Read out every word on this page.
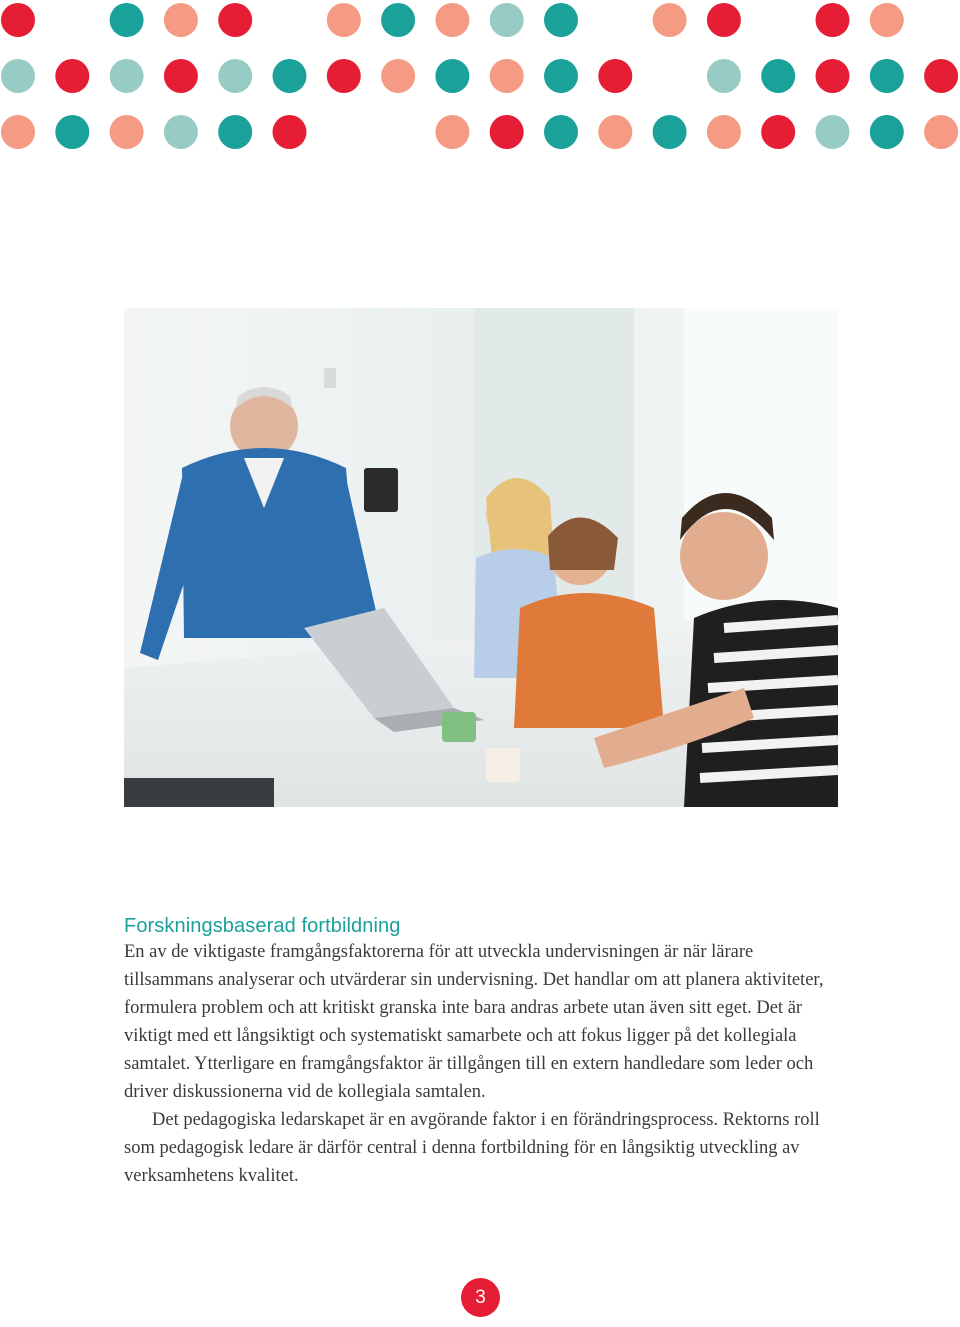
Forskningsbaserad fortbildning

En av de viktigaste framgångsfaktorerna för att utveckla undervisningen är när lärare tillsammans analyserar och utvärderar sin undervisning. Det handlar om att planera aktiviteter, formulera problem och att kritiskt granska inte bara andras arbete utan även sitt eget. Det är viktigt med ett långsiktigt och systematiskt samarbete och att fokus ligger på det kollegiala samtalet. Ytterligare en framgångsfaktor är tillgången till en extern handledare som leder och driver diskussionerna vid de kollegiala samtalen.

Det pedagogiska ledarskapet är en avgörande faktor i en förändringsprocess. Rektorns roll som pedagogisk ledare är därför central i denna fortbildning för en långsiktig utveckling av verksamhetens kvalitet.

3
